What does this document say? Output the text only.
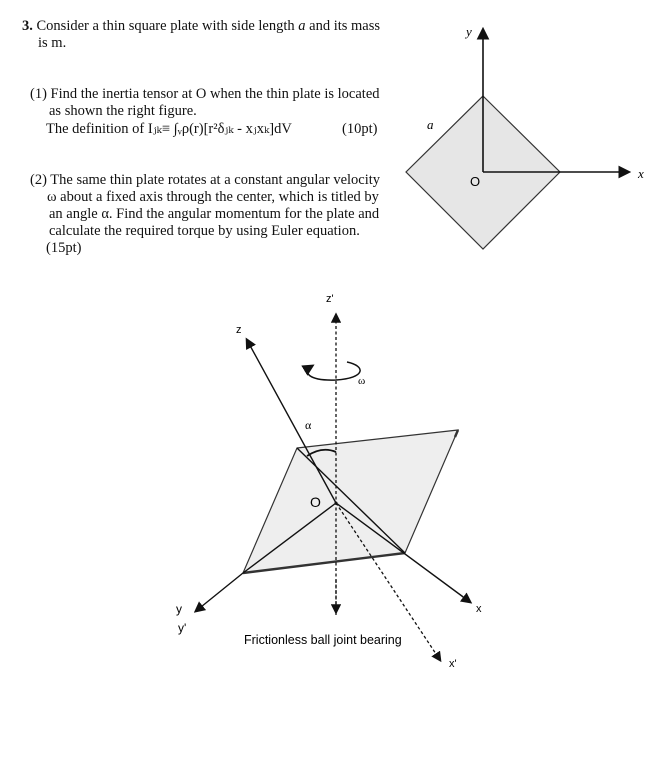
3. Consider a thin square plate with side length a and its mass
is m.
(1) Find the inertia tensor at O when the thin plate is located
as shown the right figure.
The definition of Iⱼₖ≡ ∫ᵥρ(r)[r²δⱼₖ - xⱼxₖ]dV	(10pt)
(2) The same thin plate rotates at a constant angular velocity
ω about a fixed axis through the center, which is titled by
an angle α. Find the angular momentum for the plate and
calculate the required torque by using Euler equation.
(15pt)
y
x
O
a
z'
z
ω
α
O
y
y'
x
x'
Frictionless ball joint bearing
